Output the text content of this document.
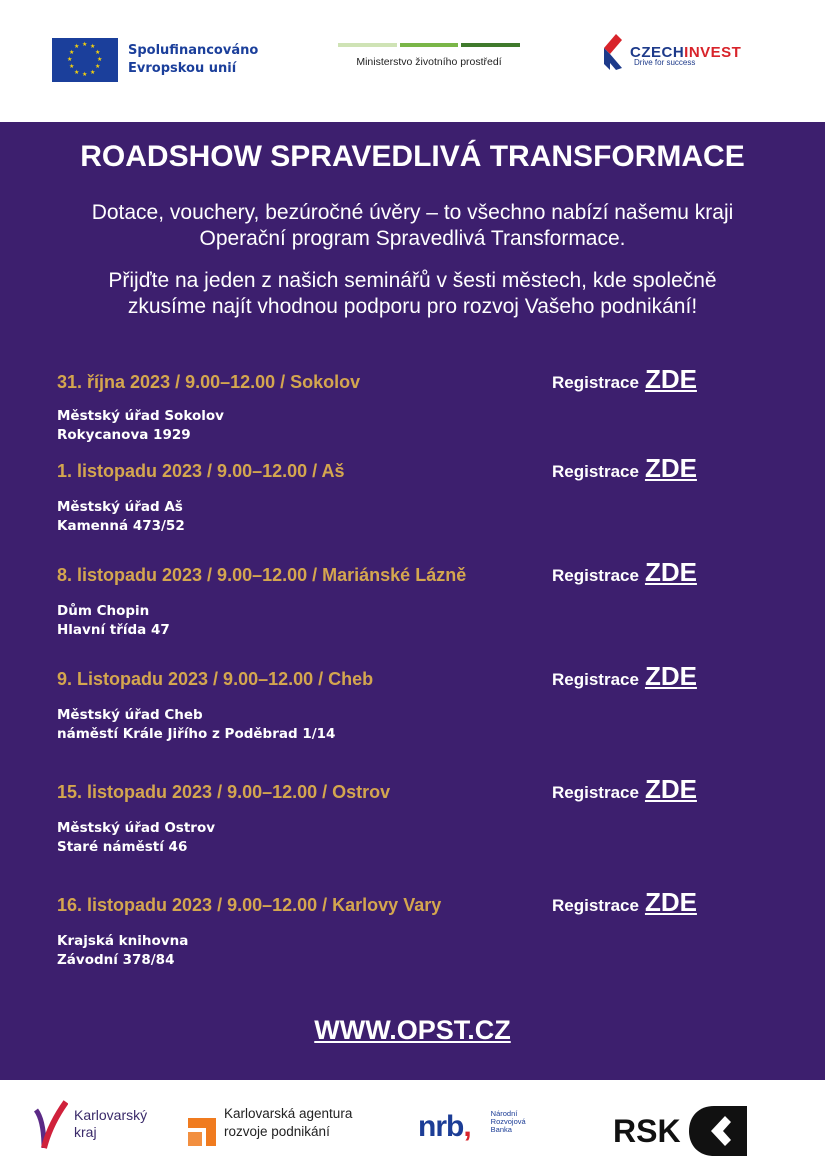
★ ★
★
★
★
★
★
★
★
★
★
★	Spolufinancováno
Evropskou unií	Ministerstvo životního prostředí
CZECHINVEST
Drive for success
ROADSHOW SPRAVEDLIVÁ TRANSFORMACE
Dotace, vouchery, bezúročné úvěry – to všechno nabízí našemu kraji
Operační program Spravedlivá Transformace.
Přijďte na jeden z našich seminářů v šesti městech, kde společně
zkusíme najít vhodnou podporu pro rozvoj Vašeho podnikání!
31. října 2023 / 9.00–12.00 / Sokolov
Městský úřad Sokolov
Rokycanova 1929
Registrace ZDE
1. listopadu 2023 / 9.00–12.00 / Aš
Městský úřad Aš
Kamenná 473/52
Registrace ZDE
8. listopadu 2023 / 9.00–12.00 / Mariánské Lázně
Dům Chopin
Hlavní třída 47
Registrace ZDE
9. Listopadu 2023 / 9.00–12.00 / Cheb
Městský úřad Cheb
náměstí Krále Jiřího z Poděbrad 1/14
Registrace ZDE
15. listopadu 2023 / 9.00–12.00 / Ostrov
Městský úřad Ostrov
Staré náměstí 46
Registrace ZDE
16. listopadu 2023 / 9.00–12.00 / Karlovy Vary
Krajská knihovna
Závodní 378/84
Registrace ZDE
WWW.OPST.CZ
Karlovarský
kraj
Karlovarská agentura
rozvoje podnikání	nrb,	Národní
Rozvojová
Banka	RSK
